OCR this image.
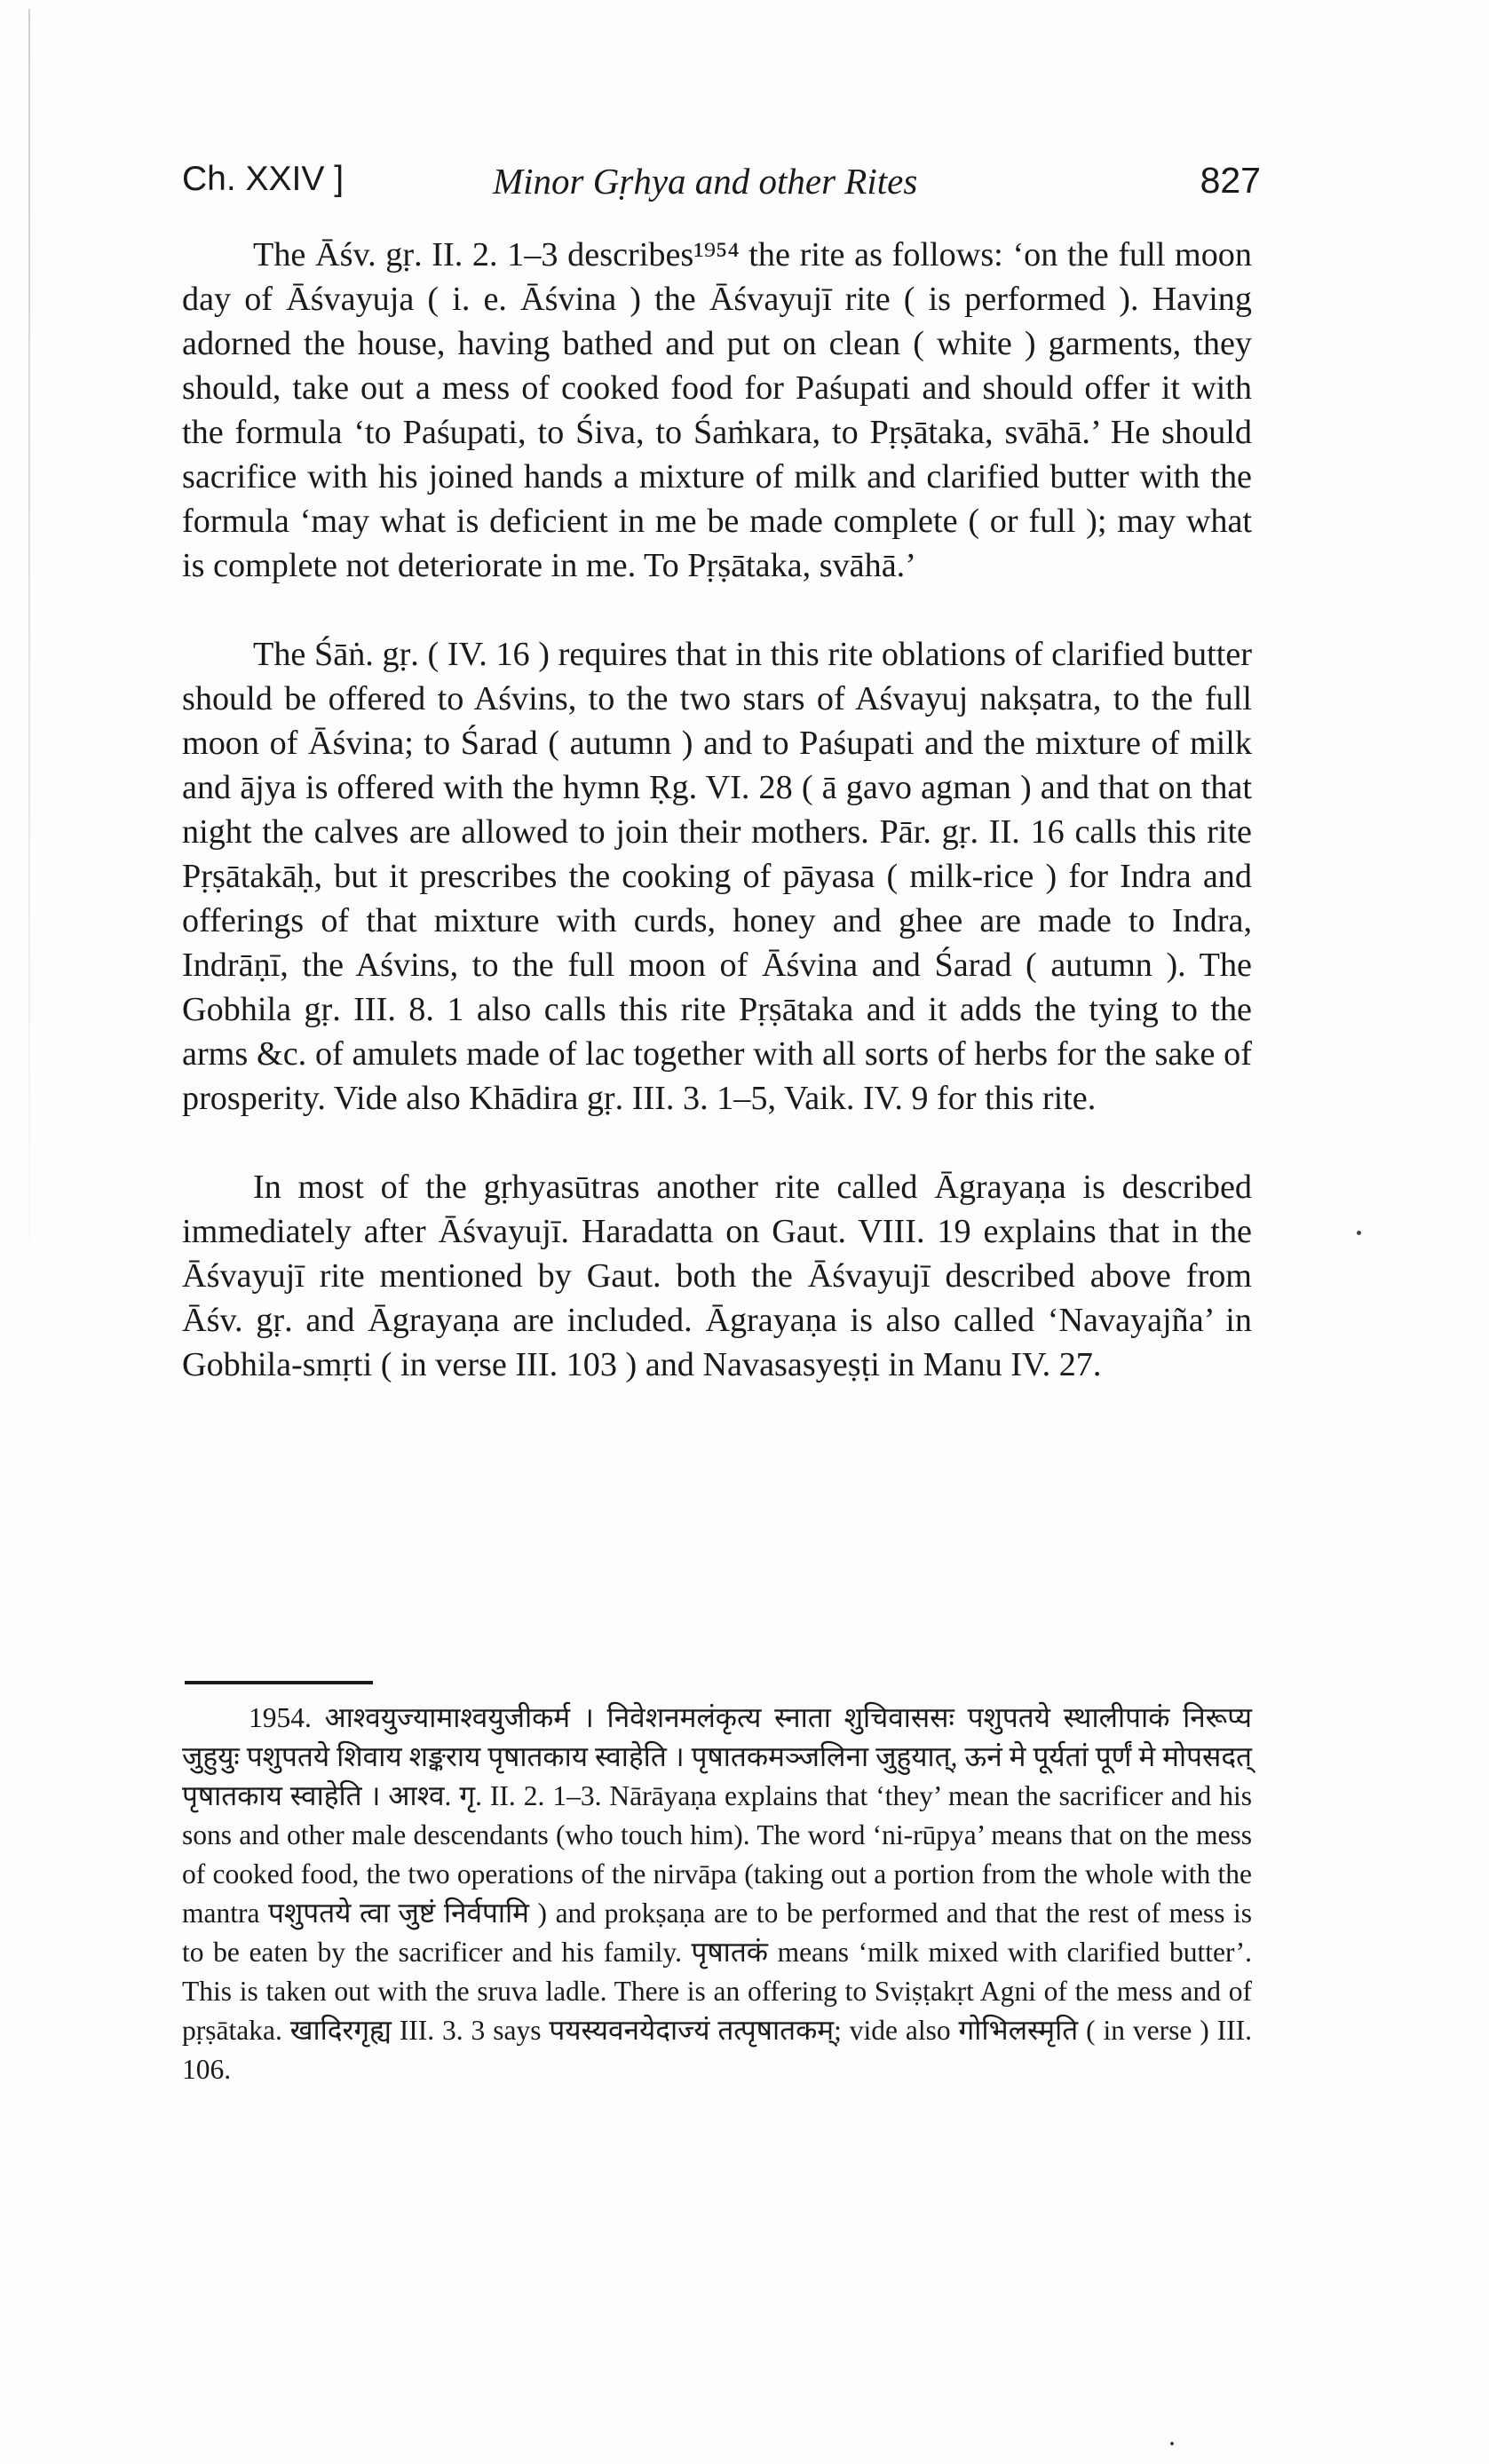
Ch. XXIV ]	Minor Gṛhya and other Rites	827

The Āśv. gṛ. II. 2. 1–3 describes¹⁹⁵⁴ the rite as follows: ‘on the full moon day of Āśvayuja ( i. e. Āśvina ) the Āśvayujī rite ( is performed ). Having adorned the house, having bathed and put on clean ( white ) garments, they should, take out a mess of cooked food for Paśupati and should offer it with the formula ‘to Paśupati, to Śiva, to Śaṁkara, to Pṛṣātaka, svāhā.’ He should sacrifice with his joined hands a mixture of milk and clarified butter with the formula ‘may what is deficient in me be made complete ( or full ); may what is complete not deteriorate in me. To Pṛṣātaka, svāhā.’

The Śāṅ. gṛ. ( IV. 16 ) requires that in this rite oblations of clarified butter should be offered to Aśvins, to the two stars of Aśvayuj nakṣatra, to the full moon of Āśvina; to Śarad ( autumn ) and to Paśupati and the mixture of milk and ājya is offered with the hymn Ṛg. VI. 28 ( ā gavo agman ) and that on that night the calves are allowed to join their mothers. Pār. gṛ. II. 16 calls this rite Pṛṣātakāḥ, but it prescribes the cooking of pāyasa ( milk-rice ) for Indra and offerings of that mixture with curds, honey and ghee are made to Indra, Indrāṇī, the Aśvins, to the full moon of Āśvina and Śarad ( autumn ). The Gobhila gṛ. III. 8. 1 also calls this rite Pṛṣātaka and it adds the tying to the arms &c. of amulets made of lac together with all sorts of herbs for the sake of prosperity. Vide also Khādira gṛ. III. 3. 1–5, Vaik. IV. 9 for this rite.

In most of the gṛhyasūtras another rite called Āgrayaṇa is described immediately after Āśvayujī. Haradatta on Gaut. VIII. 19 explains that in the Āśvayujī rite mentioned by Gaut. both the Āśvayujī described above from Āśv. gṛ. and Āgrayaṇa are included. Āgrayaṇa is also called ‘Navayajña’ in Gobhila-smṛti ( in verse III. 103 ) and Navasasyeṣṭi in Manu IV. 27.

1954. आश्वयुज्यामाश्वयुजीकर्म । निवेशनमलंकृत्य स्नाता शुचिवाससः पशुपतये स्थालीपाकं निरूप्य जुहुयुः पशुपतये शिवाय शङ्कराय पृषातकाय स्वाहेति । पृषातकमञ्जलिना जुहुयात्, ऊनं मे पूर्यतां पूर्णं मे मोपसदत् पृषातकाय स्वाहेति । आश्व. गृ. II. 2. 1–3. Nārāyaṇa explains that ‘they’ mean the sacrificer and his sons and other male descendants (who touch him). The word ‘ni-rūpya’ means that on the mess of cooked food, the two operations of the nirvāpa (taking out a portion from the whole with the mantra पशुपतये त्वा जुष्टं निर्वपामि ) and prokṣaṇa are to be performed and that the rest of mess is to be eaten by the sacrificer and his family. पृषातकं means ‘milk mixed with clarified butter’. This is taken out with the sruva ladle. There is an offering to Sviṣṭakṛt Agni of the mess and of pṛṣātaka. खादिरगृह्य III. 3. 3 says पयस्यवनयेदाज्यं तत्पृषातकम्; vide also गोभिलस्मृति ( in verse ) III. 106.
